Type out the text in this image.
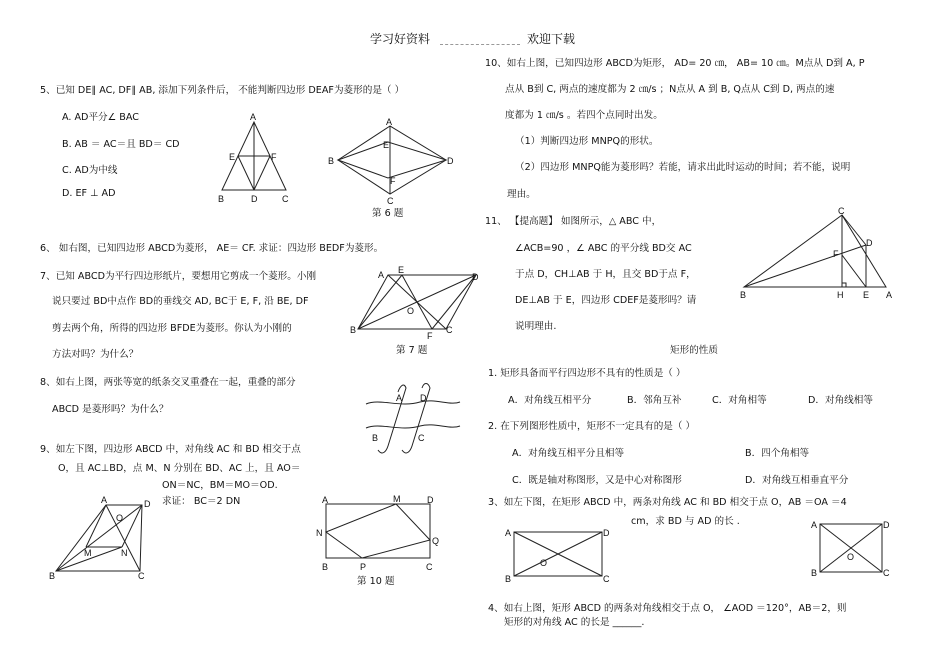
学习好资料	欢迎下载
5、已知 DE∥ AC, DF∥ AB, 添加下列条件后， 不能判断四边形 DEAF为菱形的是（ ）
A. AD平分∠ BAC
B. AB ＝ AC＝且 BD＝ CD
C. AD为中线
D. EF ⊥ AD
A
E	F
B	D	C
A
E
B	D
F
C
第 6 题
6、 如右图，已知四边形 ABCD为菱形， AE＝ CF. 求证：四边形 BEDF为菱形。
7、已知 ABCD为平行四边形纸片，要想用它剪成一个菱形。小刚
说只要过 BD中点作 BD的垂线交 AD, BC于 E, F, 沿 BE, DF
剪去两个角，所得的四边形 BFDE为菱形。你认为小刚的
方法对吗？为什么？
A E
D
O
B
F
C
第 7 题
8、如右上图，两张等宽的纸条交叉重叠在一起，重叠的部分
ABCD 是菱形吗？为什么？
A D
B	C
9、如左下图，四边形 ABCD 中，对角线 AC 和 BD 相交于点
O，且 AC⊥BD，点 M、N 分别在 BD、AC 上，且 AO＝
ON＝NC，BM＝MO＝OD.
求证： BC＝2 DN
A	D
O
M	N
B	C
A	M	D
N
Q
B	P	C
第 10 题
10、如右上图，已知四边形 ABCD为矩形， AD= 20 ㎝， AB= 10 ㎝。M点从 D到 A, P
点从 B到 C, 两点的速度都为 2 ㎝/s ；N点从 A 到 B, Q点从 C到 D, 两点的速
度都为 1 ㎝/s 。若四个点同时出发。
（1）判断四边形 MNPQ的形状。
（2）四边形 MNPQ能为菱形吗？若能，请求出此时运动的时间；若不能，说明
理由。
11、 【提高题】 如图所示，△ ABC 中，
∠ACB=90 ，∠ ABC 的平分线 BD交 AC
于点 D，CH⊥AB 于 H，且交 BD于点 F，
DE⊥AB 于 E，四边形 CDEF是菱形吗？请
说明理由.
C
D
F
B	H E A
矩形的性质
1. 矩形具备而平行四边形不具有的性质是（ ）
A．对角线互相平分	B．邻角互补	C．对角相等	D．对角线相等
2. 在下列图形性质中，矩形不一定具有的是（ ）
A．对角线互相平分且相等	B．四个角相等
C．既是轴对称图形，又是中心对称图形	D．对角线互相垂直平分
3、如左下图，在矩形 ABCD 中，两条对角线 AC 和 BD 相交于点 O，AB ＝OA ＝4
cm，求 BD 与 AD 的长 .
A	D
O
B	C
A	D
O
B	C
4、如右上图，矩形 ABCD 的两条对角线相交于点 O， ∠AOD ＝120°，AB＝2，则
矩形的对角线 AC 的长是 ______.
